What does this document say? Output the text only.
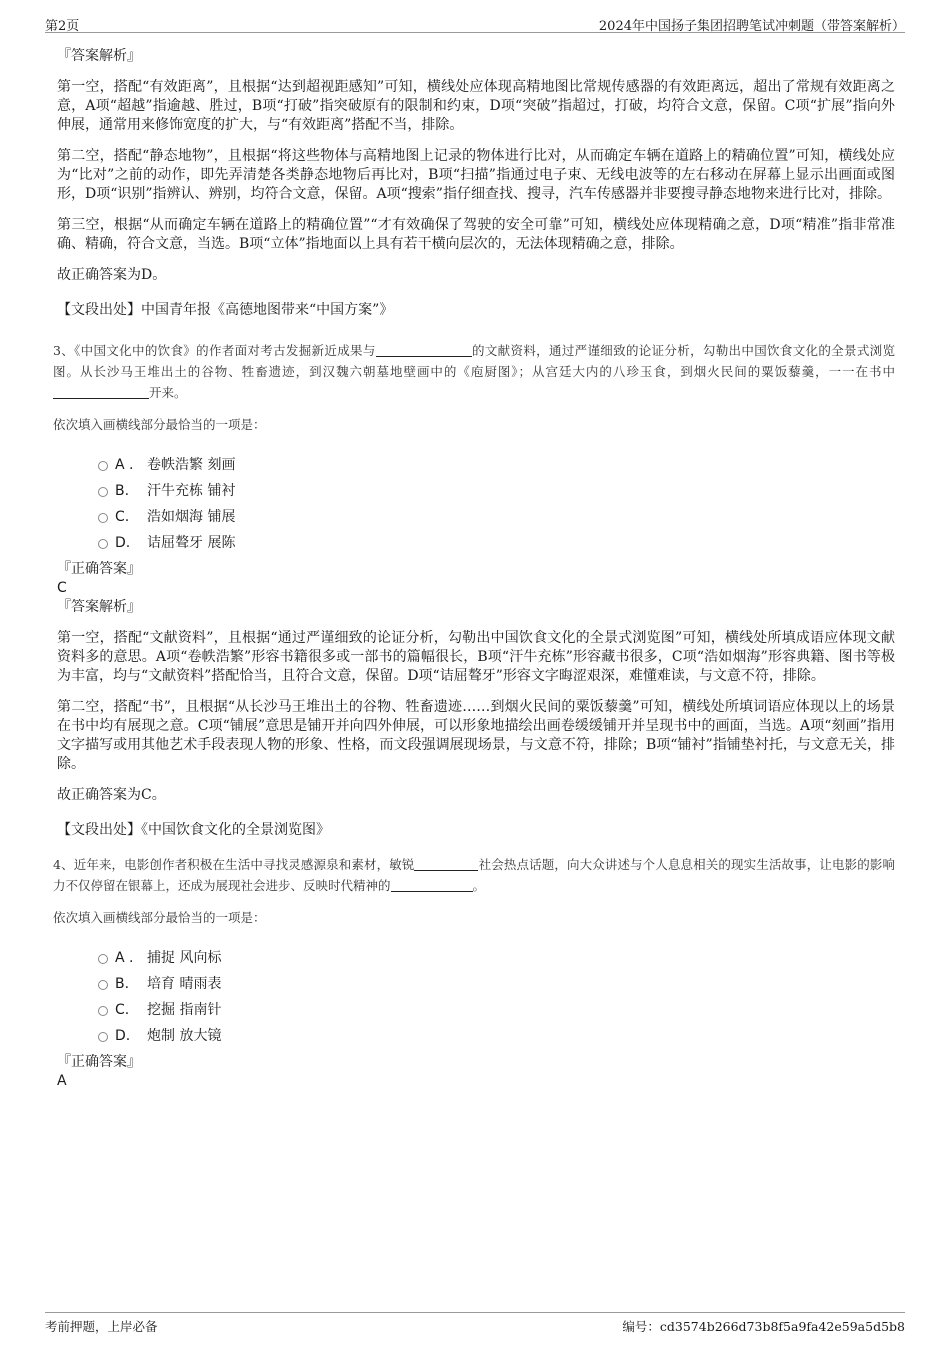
第2页	2024年中国扬子集团招聘笔试冲刺题（带答案解析）

『答案解析』

第一空，搭配“有效距离”，且根据“达到超视距感知”可知，横线处应体现高精地图比常规传感器的有效距离远，超出了常规有效距离之意，A项“超越”指逾越、胜过，B项“打破”指突破原有的限制和约束，D项“突破”指超过，打破，均符合文意，保留。C项“扩展”指向外伸展，通常用来修饰宽度的扩大，与“有效距离”搭配不当，排除。

第二空，搭配“静态地物”，且根据“将这些物体与高精地图上记录的物体进行比对，从而确定车辆在道路上的精确位置”可知，横线处应为“比对”之前的动作，即先弄清楚各类静态地物后再比对，B项“扫描”指通过电子束、无线电波等的左右移动在屏幕上显示出画面或图形，D项“识别”指辨认、辨别，均符合文意，保留。A项“搜索”指仔细查找、搜寻，汽车传感器并非要搜寻静态地物来进行比对，排除。

第三空，根据“从而确定车辆在道路上的精确位置”“才有效确保了驾驶的安全可靠”可知，横线处应体现精确之意，D项“精准”指非常准确、精确，符合文意，当选。B项“立体”指地面以上具有若干横向层次的，无法体现精确之意，排除。

故正确答案为D。

【文段出处】中国青年报《高德地图带来“中国方案”》

3、《中国文化中的饮食》的作者面对考古发掘新近成果与	的文献资料，通过严谨细致的论证分析，勾勒出中国饮食文化的全景式浏览图。从长沙马王堆出土的谷物、牲畜遗迹，到汉魏六朝墓地壁画中的《庖厨图》；从宫廷大内的八珍玉食，到烟火民间的粟饭藜羹，一一在书中开来。

依次填入画横线部分最恰当的一项是：

A . 卷帙浩繁 刻画
B. 汗牛充栋 铺衬
C. 浩如烟海 铺展
D. 诘屈聱牙 展陈

『正确答案』

C

『答案解析』

第一空，搭配“文献资料”，且根据“通过严谨细致的论证分析，勾勒出中国饮食文化的全景式浏览图”可知，横线处所填成语应体现文献资料多的意思。A项“卷帙浩繁”形容书籍很多或一部书的篇幅很长，B项“汗牛充栋”形容藏书很多，C项“浩如烟海”形容典籍、图书等极为丰富，均与“文献资料”搭配恰当，且符合文意，保留。D项“诘屈聱牙”形容文字晦涩艰深，难懂难读，与文意不符，排除。

第二空，搭配“书”，且根据“从长沙马王堆出土的谷物、牲畜遗迹……到烟火民间的粟饭藜羹”可知，横线处所填词语应体现以上的场景在书中均有展现之意。C项“铺展”意思是铺开并向四外伸展，可以形象地描绘出画卷缓缓铺开并呈现书中的画面，当选。A项“刻画”指用文字描写或用其他艺术手段表现人物的形象、性格，而文段强调展现场景，与文意不符，排除；B项“铺衬”指铺垫衬托，与文意无关，排除。

故正确答案为C。

【文段出处】《中国饮食文化的全景浏览图》

4、近年来，电影创作者积极在生活中寻找灵感源泉和素材，敏锐	社会热点话题，向大众讲述与个人息息相关的现实生活故事，让电影的影响力不仅停留在银幕上，还成为展现社会进步、反映时代精神的	。

依次填入画横线部分最恰当的一项是：

A . 捕捉 风向标
B. 培育 晴雨表
C. 挖掘 指南针
D. 炮制 放大镜

『正确答案』

A

考前押题，上岸必备	编号：cd3574b266d73b8f5a9fa42e59a5d5b8
